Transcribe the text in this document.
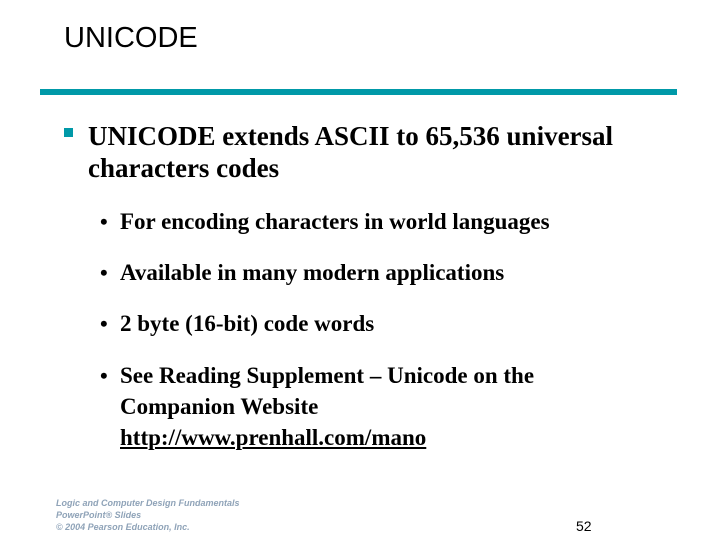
UNICODE
UNICODE extends ASCII to 65,536 universal characters codes
• For encoding characters in world languages
• Available in many modern applications
• 2 byte (16-bit) code words
• See Reading Supplement – Unicode on the
Companion Website
http://www.prenhall.com/mano
Logic and Computer Design Fundamentals
PowerPoint® Slides
© 2004 Pearson Education, Inc.	52
